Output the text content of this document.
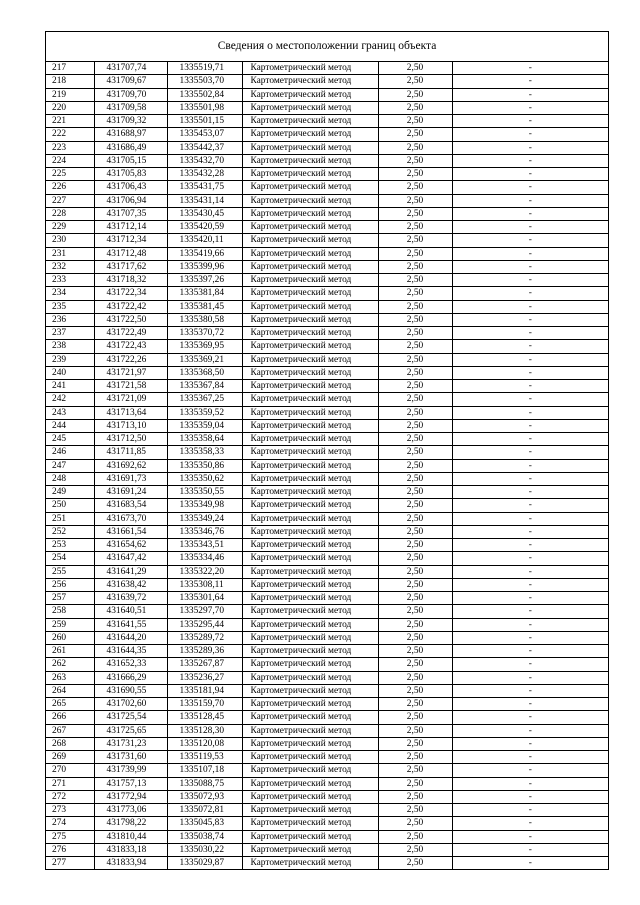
Сведения о местоположении границ объекта
217	431707,74	1335519,71	Картометрический метод	2,50	-
218	431709,67	1335503,70	Картометрический метод	2,50	-
219	431709,70	1335502,84	Картометрический метод	2,50	-
220	431709,58	1335501,98	Картометрический метод	2,50	-
221	431709,32	1335501,15	Картометрический метод	2,50	-
222	431688,97	1335453,07	Картометрический метод	2,50	-
223	431686,49	1335442,37	Картометрический метод	2,50	-
224	431705,15	1335432,70	Картометрический метод	2,50	-
225	431705,83	1335432,28	Картометрический метод	2,50	-
226	431706,43	1335431,75	Картометрический метод	2,50	-
227	431706,94	1335431,14	Картометрический метод	2,50	-
228	431707,35	1335430,45	Картометрический метод	2,50	-
229	431712,14	1335420,59	Картометрический метод	2,50	-
230	431712,34	1335420,11	Картометрический метод	2,50	-
231	431712,48	1335419,66	Картометрический метод	2,50	-
232	431717,62	1335399,96	Картометрический метод	2,50	-
233	431718,32	1335397,26	Картометрический метод	2,50	-
234	431722,34	1335381,84	Картометрический метод	2,50	-
235	431722,42	1335381,45	Картометрический метод	2,50	-
236	431722,50	1335380,58	Картометрический метод	2,50	-
237	431722,49	1335370,72	Картометрический метод	2,50	-
238	431722,43	1335369,95	Картометрический метод	2,50	-
239	431722,26	1335369,21	Картометрический метод	2,50	-
240	431721,97	1335368,50	Картометрический метод	2,50	-
241	431721,58	1335367,84	Картометрический метод	2,50	-
242	431721,09	1335367,25	Картометрический метод	2,50	-
243	431713,64	1335359,52	Картометрический метод	2,50	-
244	431713,10	1335359,04	Картометрический метод	2,50	-
245	431712,50	1335358,64	Картометрический метод	2,50	-
246	431711,85	1335358,33	Картометрический метод	2,50	-
247	431692,62	1335350,86	Картометрический метод	2,50	-
248	431691,73	1335350,62	Картометрический метод	2,50	-
249	431691,24	1335350,55	Картометрический метод	2,50	-
250	431683,54	1335349,98	Картометрический метод	2,50	-
251	431673,70	1335349,24	Картометрический метод	2,50	-
252	431661,54	1335346,76	Картометрический метод	2,50	-
253	431654,62	1335343,51	Картометрический метод	2,50	-
254	431647,42	1335334,46	Картометрический метод	2,50	-
255	431641,29	1335322,20	Картометрический метод	2,50	-
256	431638,42	1335308,11	Картометрический метод	2,50	-
257	431639,72	1335301,64	Картометрический метод	2,50	-
258	431640,51	1335297,70	Картометрический метод	2,50	-
259	431641,55	1335295,44	Картометрический метод	2,50	-
260	431644,20	1335289,72	Картометрический метод	2,50	-
261	431644,35	1335289,36	Картометрический метод	2,50	-
262	431652,33	1335267,87	Картометрический метод	2,50	-
263	431666,29	1335236,27	Картометрический метод	2,50	-
264	431690,55	1335181,94	Картометрический метод	2,50	-
265	431702,60	1335159,70	Картометрический метод	2,50	-
266	431725,54	1335128,45	Картометрический метод	2,50	-
267	431725,65	1335128,30	Картометрический метод	2,50	-
268	431731,23	1335120,08	Картометрический метод	2,50	-
269	431731,60	1335119,53	Картометрический метод	2,50	-
270	431739,99	1335107,18	Картометрический метод	2,50	-
271	431757,13	1335088,75	Картометрический метод	2,50	-
272	431772,94	1335072,93	Картометрический метод	2,50	-
273	431773,06	1335072,81	Картометрический метод	2,50	-
274	431798,22	1335045,83	Картометрический метод	2,50	-
275	431810,44	1335038,74	Картометрический метод	2,50	-
276	431833,18	1335030,22	Картометрический метод	2,50	-
277	431833,94	1335029,87	Картометрический метод	2,50	-
